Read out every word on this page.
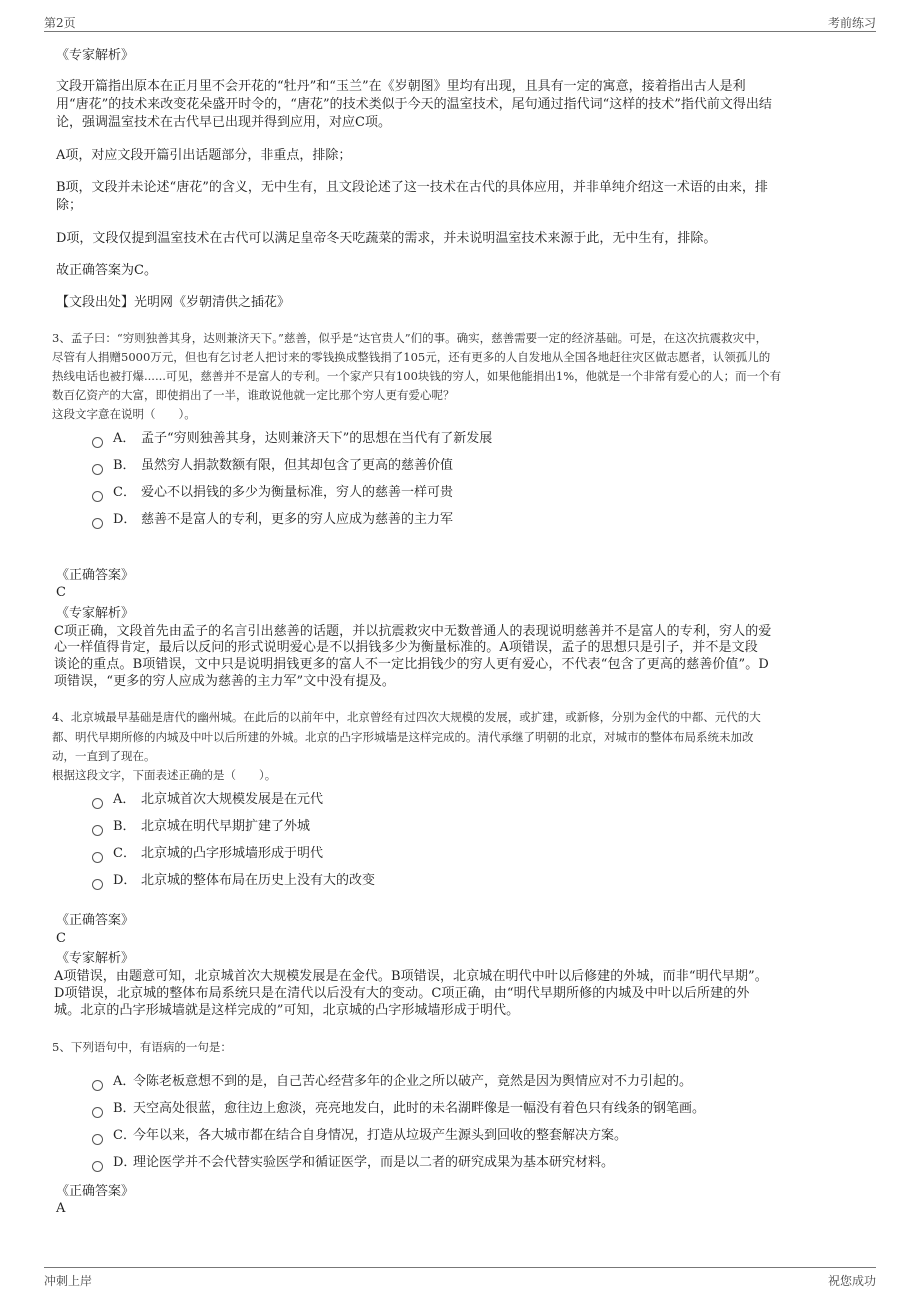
第2页	考前练习
《专家解析》
文段开篇指出原本在正月里不会开花的“牡丹”和“玉兰”在《岁朝图》里均有出现，且具有一定的寓意，接着指出古人是利
用“唐花”的技术来改变花朵盛开时令的，“唐花”的技术类似于今天的温室技术，尾句通过指代词“这样的技术”指代前文得出结
论，强调温室技术在古代早已出现并得到应用，对应C项。
A项，对应文段开篇引出话题部分，非重点，排除；
B项，文段并未论述“唐花”的含义，无中生有，且文段论述了这一技术在古代的具体应用，并非单纯介绍这一术语的由来，排
除；
D项，文段仅提到温室技术在古代可以满足皇帝冬天吃蔬菜的需求，并未说明温室技术来源于此，无中生有，排除。
故正确答案为C。
【文段出处】光明网《岁朝清供之插花》
3、孟子曰：“穷则独善其身，达则兼济天下。”慈善，似乎是“达官贵人”们的事。确实，慈善需要一定的经济基础。可是，在这次抗震救灾中，
尽管有人捐赠5000万元，但也有乞讨老人把讨来的零钱换成整钱捐了105元，还有更多的人自发地从全国各地赶往灾区做志愿者，认领孤儿的
热线电话也被打爆......可见，慈善并不是富人的专利。一个家产只有100块钱的穷人，如果他能捐出1%，他就是一个非常有爱心的人；而一个有
数百亿资产的大富，即使捐出了一半，谁敢说他就一定比那个穷人更有爱心呢？
这段文字意在说明（　　）。
A． 孟子“穷则独善其身，达则兼济天下”的思想在当代有了新发展
B． 虽然穷人捐款数额有限，但其却包含了更高的慈善价值
C． 爱心不以捐钱的多少为衡量标准，穷人的慈善一样可贵
D． 慈善不是富人的专利，更多的穷人应成为慈善的主力军
《正确答案》
C
《专家解析》
C项正确，文段首先由孟子的名言引出慈善的话题，并以抗震救灾中无数普通人的表现说明慈善并不是富人的专利，穷人的爱
心一样值得肯定，最后以反问的形式说明爱心是不以捐钱多少为衡量标准的。A项错误，孟子的思想只是引子，并不是文段
谈论的重点。B项错误，文中只是说明捐钱更多的富人不一定比捐钱少的穷人更有爱心，不代表“包含了更高的慈善价值”。D
项错误，“更多的穷人应成为慈善的主力军”文中没有提及。
4、北京城最早基础是唐代的幽州城。在此后的以前年中，北京曾经有过四次大规模的发展，或扩建，或新修，分别为金代的中都、元代的大
都、明代早期所修的内城及中叶以后所建的外城。北京的凸字形城墙是这样完成的。清代承继了明朝的北京，对城市的整体布局系统未加改
动，一直到了现在。
根据这段文字，下面表述正确的是（　　）。
A． 北京城首次大规模发展是在元代
B． 北京城在明代早期扩建了外城
C． 北京城的凸字形城墙形成于明代
D． 北京城的整体布局在历史上没有大的改变
《正确答案》
C
《专家解析》
A项错误，由题意可知，北京城首次大规模发展是在金代。B项错误，北京城在明代中叶以后修建的外城，而非“明代早期”。
D项错误，北京城的整体布局系统只是在清代以后没有大的变动。C项正确，由“明代早期所修的内城及中叶以后所建的外
城。北京的凸字形城墙就是这样完成的”可知，北京城的凸字形城墙形成于明代。
5、下列语句中，有语病的一句是：
A．
令陈老板意想不到的是，自己苦心经营多年的企业之所以破产，竟然是因为舆情应对不力引起的。
B．
天空高处很蓝，愈往边上愈淡，亮亮地发白，此时的未名湖畔像是一幅没有着色只有线条的钢笔画。
C．
今年以来，各大城市都在结合自身情况，打造从垃圾产生源头到回收的整套解决方案。
D．
理论医学并不会代替实验医学和循证医学，而是以二者的研究成果为基本研究材料。
《正确答案》
A
冲刺上岸	祝您成功
